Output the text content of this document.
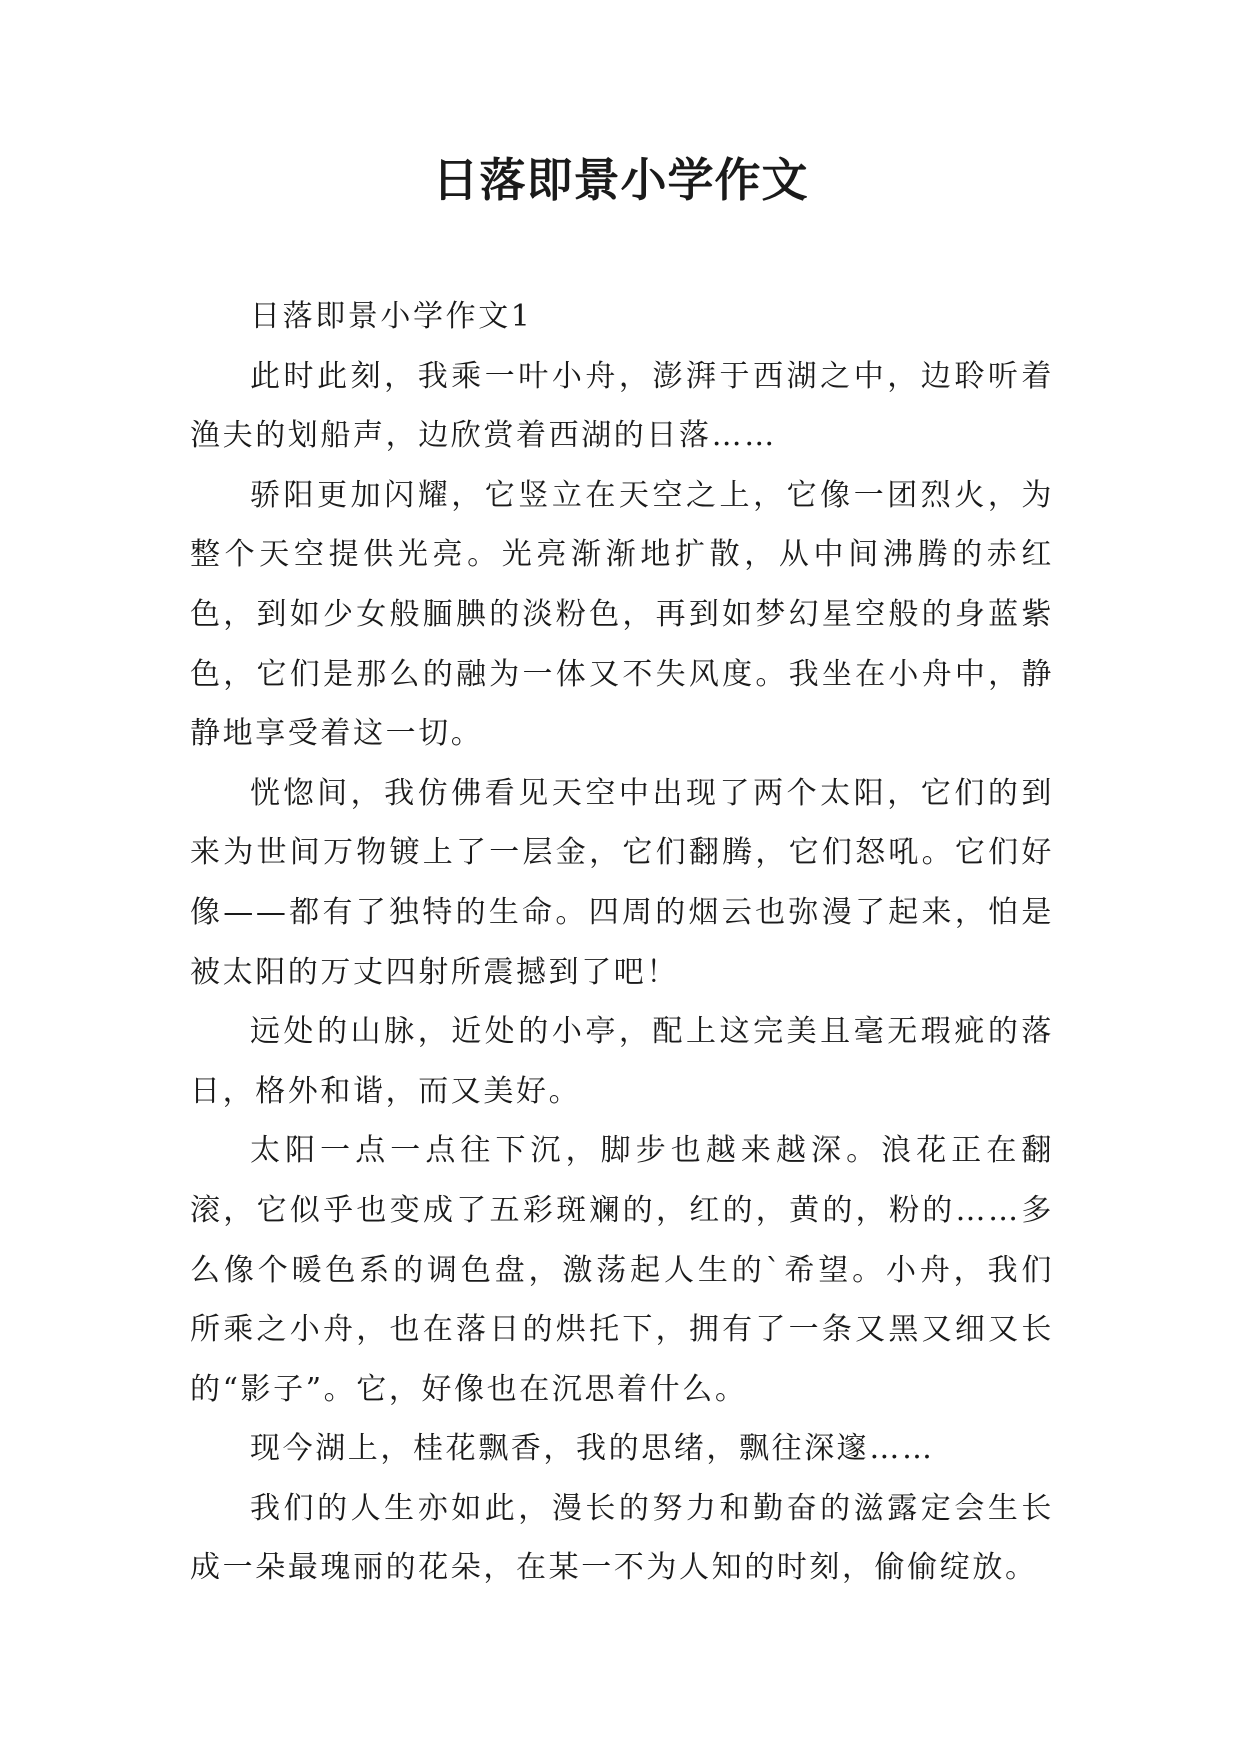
日落即景小学作文

日落即景小学作文1

此时此刻，我乘一叶小舟，澎湃于西湖之中，边聆听着渔夫的划船声，边欣赏着西湖的日落……

骄阳更加闪耀，它竖立在天空之上，它像一团烈火，为整个天空提供光亮。光亮渐渐地扩散，从中间沸腾的赤红色，到如少女般腼腆的淡粉色，再到如梦幻星空般的身蓝紫色，它们是那么的融为一体又不失风度。我坐在小舟中，静静地享受着这一切。

恍惚间，我仿佛看见天空中出现了两个太阳，它们的到来为世间万物镀上了一层金，它们翻腾，它们怒吼。它们好像——都有了独特的生命。四周的烟云也弥漫了起来，怕是被太阳的万丈四射所震撼到了吧！

远处的山脉，近处的小亭，配上这完美且毫无瑕疵的落日，格外和谐，而又美好。

太阳一点一点往下沉，脚步也越来越深。浪花正在翻滚，它似乎也变成了五彩斑斓的，红的，黄的，粉的……多么像个暖色系的调色盘，激荡起人生的`希望。小舟，我们所乘之小舟，也在落日的烘托下，拥有了一条又黑又细又长的“影子”。它，好像也在沉思着什么。

现今湖上，桂花飘香，我的思绪，飘往深邃……

我们的人生亦如此，漫长的努力和勤奋的滋露定会生长成一朵最瑰丽的花朵，在某一不为人知的时刻，偷偷绽放。
